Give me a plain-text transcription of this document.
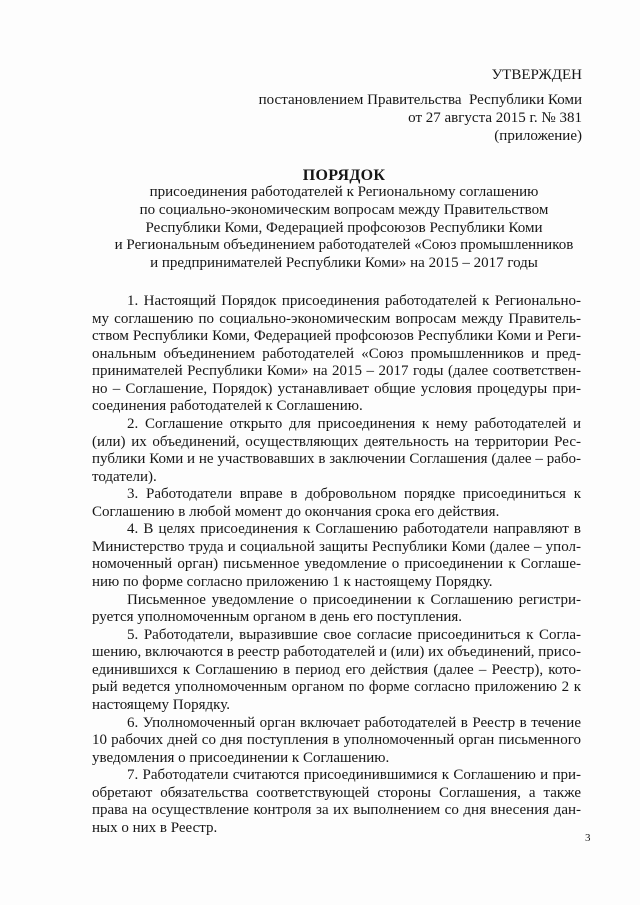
УТВЕРЖДЕН
постановлением Правительства  Республики Коми
от 27 августа 2015 г. № 381
(приложение)
ПОРЯДОК
присоединения работодателей к Региональному соглашению
по социально-экономическим вопросам между Правительством
Республики Коми, Федерацией профсоюзов Республики Коми
и Региональным объединением работодателей «Союз промышленников
и предпринимателей Республики Коми» на 2015 – 2017 годы
1. Настоящий Порядок присоединения работодателей к Регионально-
му соглашению по социально-экономическим вопросам между Правитель-
ством Республики Коми, Федерацией профсоюзов Республики Коми и Реги-
ональным объединением работодателей «Союз промышленников и пред-
принимателей Республики Коми» на 2015 – 2017 годы (далее соответствен-
но – Соглашение, Порядок) устанавливает общие условия процедуры при-
соединения работодателей к Соглашению.
2. Соглашение открыто для присоединения к нему работодателей и
(или) их объединений, осуществляющих деятельность на территории Рес-
публики Коми и не участвовавших в заключении Соглашения (далее – рабо-
тодатели).
3. Работодатели вправе в добровольном порядке присоединиться к
Соглашению в любой момент до окончания срока его действия.
4. В целях присоединения к Соглашению работодатели направляют в
Министерство труда и социальной защиты Республики Коми (далее – упол-
номоченный орган) письменное уведомление о присоединении к Соглаше-
нию по форме согласно приложению 1 к настоящему Порядку.
Письменное уведомление о присоединении к Соглашению регистри-
руется уполномоченным органом в день его поступления.
5. Работодатели, выразившие свое согласие присоединиться к Согла-
шению, включаются в реестр работодателей и (или) их объединений, присо-
единившихся к Соглашению в период его действия (далее – Реестр), кото-
рый ведется уполномоченным органом по форме согласно приложению 2 к
настоящему Порядку.
6. Уполномоченный орган включает работодателей в Реестр в течение
10 рабочих дней со дня поступления в уполномоченный орган письменного
уведомления о присоединении к Соглашению.
7. Работодатели считаются присоединившимися к Соглашению и при-
обретают обязательства соответствующей стороны Соглашения, а также
права на осуществление контроля за их выполнением со дня внесения дан-
ных о них в Реестр.
3
